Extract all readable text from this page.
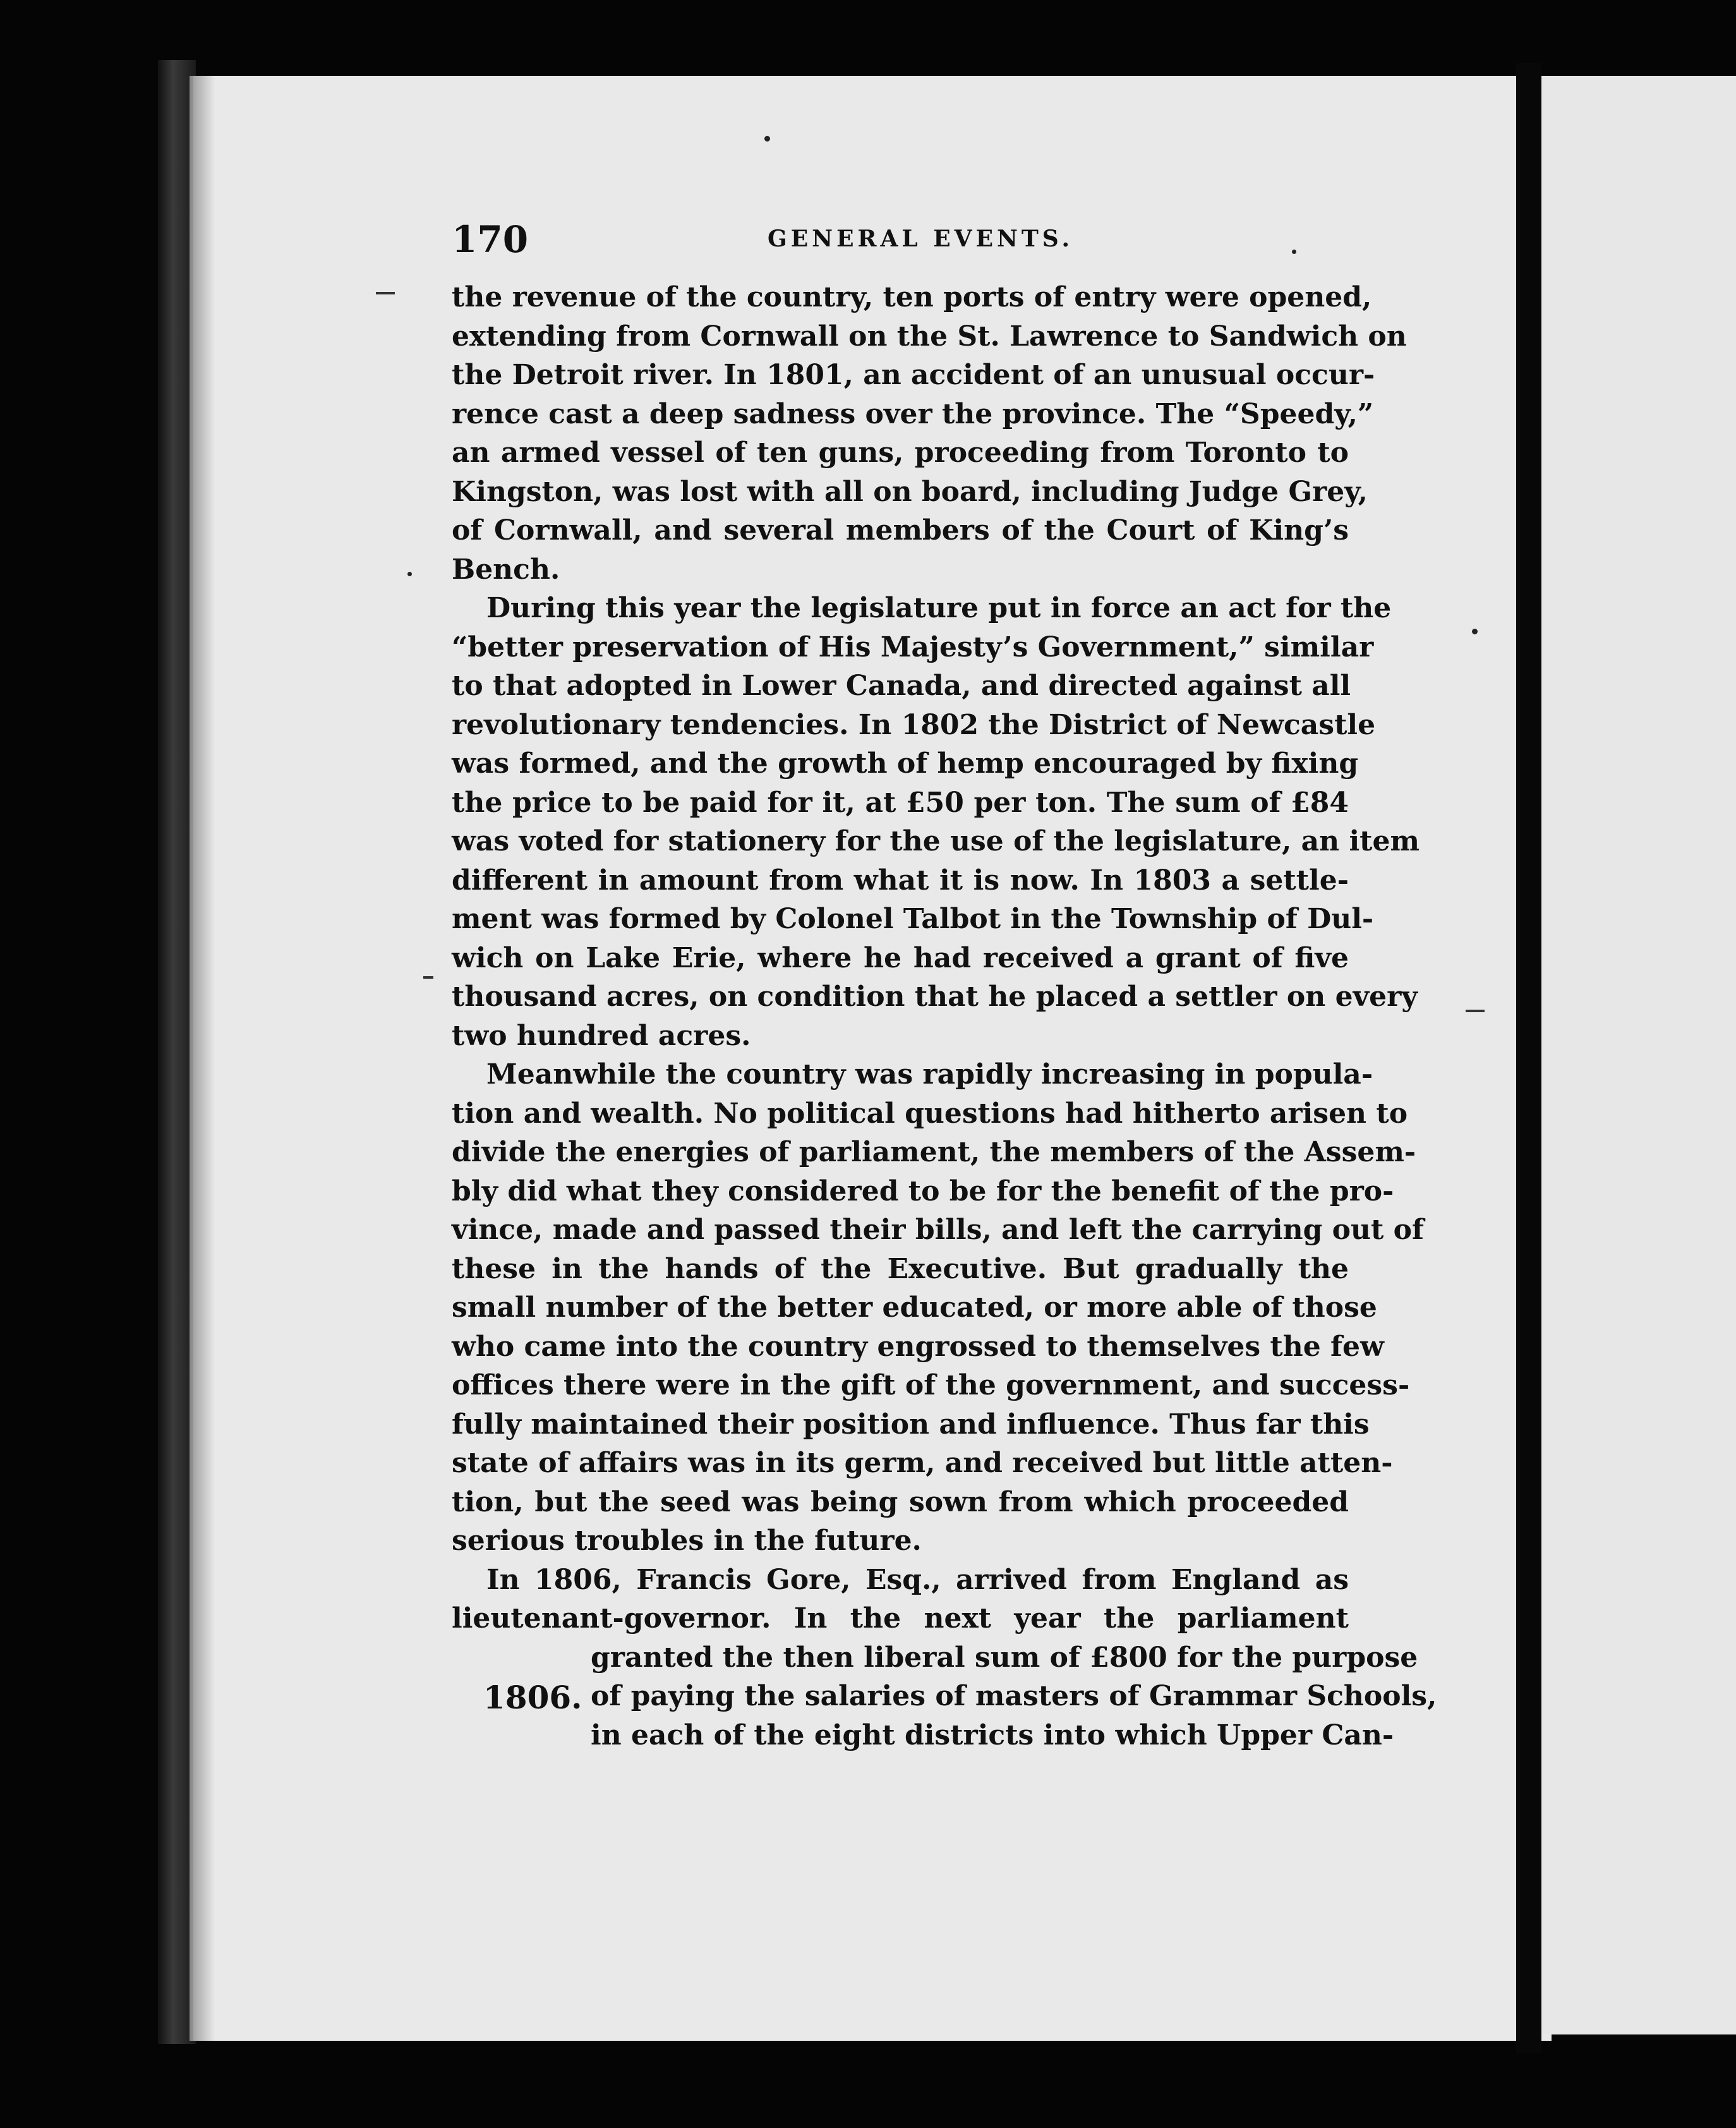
170	GENERAL EVENTS.
the revenue of the country, ten ports of entry were opened,
extending from Cornwall on the St. Lawrence to Sandwich on
the Detroit river. In 1801, an accident of an unusual occur-
rence cast a deep sadness over the province. The “Speedy,”
an armed vessel of ten guns, proceeding from Toronto to
Kingston, was lost with all on board, including Judge Grey,
of Cornwall, and several members of the Court of King’s
Bench.
During this year the legislature put in force an act for the
“better preservation of His Majesty’s Government,” similar
to that adopted in Lower Canada, and directed against all
revolutionary tendencies. In 1802 the District of Newcastle
was formed, and the growth of hemp encouraged by fixing
the price to be paid for it, at £50 per ton. The sum of £84
was voted for stationery for the use of the legislature, an item
different in amount from what it is now. In 1803 a settle-
ment was formed by Colonel Talbot in the Township of Dul-
wich on Lake Erie, where he had received a grant of five
thousand acres, on condition that he placed a settler on every
two hundred acres.
Meanwhile the country was rapidly increasing in popula-
tion and wealth. No political questions had hitherto arisen to
divide the energies of parliament, the members of the Assem-
bly did what they considered to be for the benefit of the pro-
vince, made and passed their bills, and left the carrying out of
these in the hands of the Executive. But gradually the
small number of the better educated, or more able of those
who came into the country engrossed to themselves the few
offices there were in the gift of the government, and success-
fully maintained their position and influence. Thus far this
state of affairs was in its germ, and received but little atten-
tion, but the seed was being sown from which proceeded
serious troubles in the future.
In 1806, Francis Gore, Esq., arrived from England as
lieutenant-governor. In the next year the parliament
1806.
granted the then liberal sum of £800 for the purpose
of paying the salaries of masters of Grammar Schools,
in each of the eight districts into which Upper Can-
